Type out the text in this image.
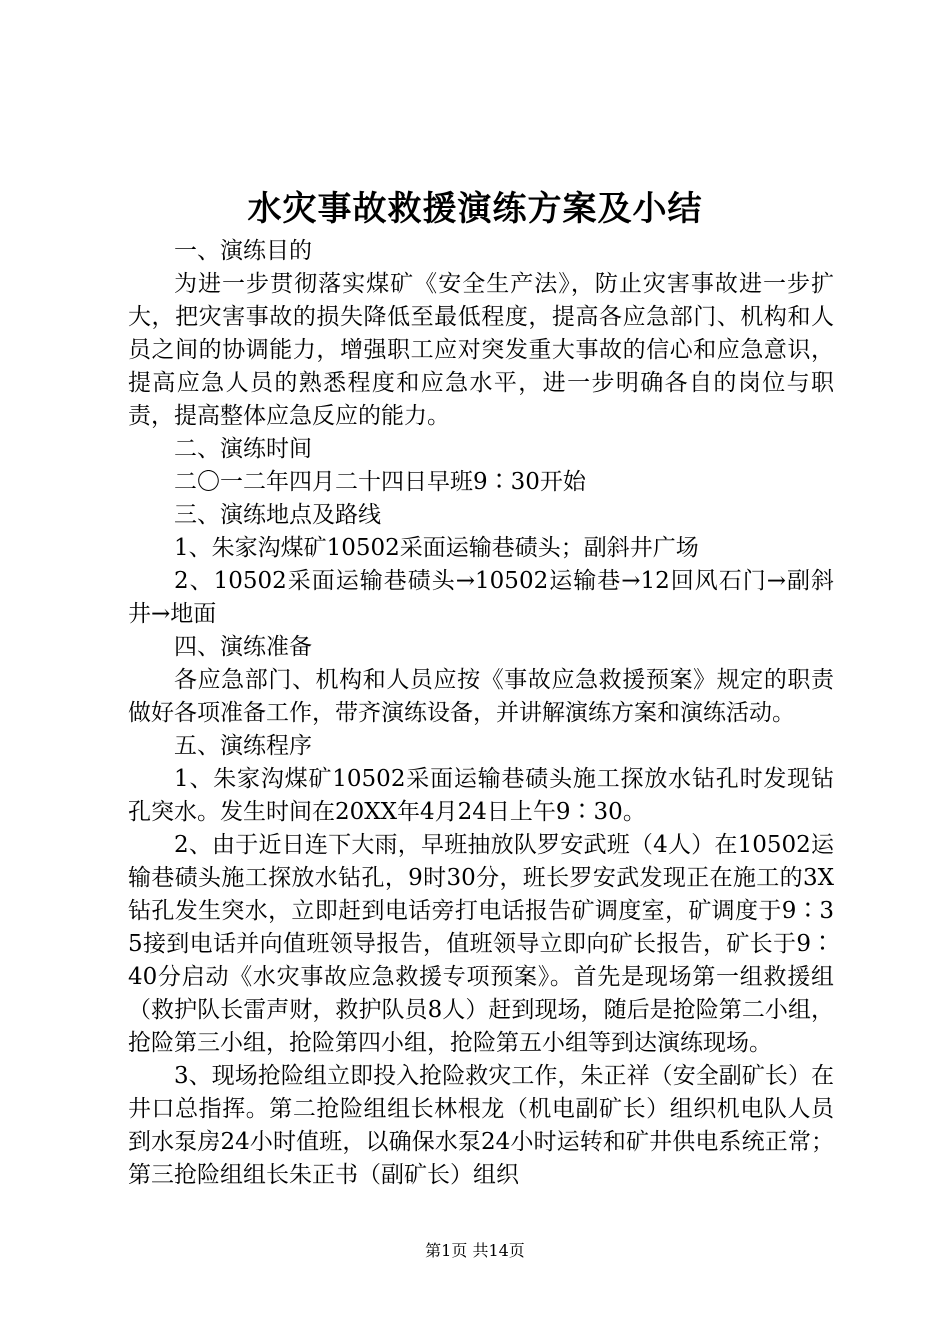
水灾事故救援演练方案及小结

一、演练目的

为进一步贯彻落实煤矿《安全生产法》，防止灾害事故进一步扩大，把灾害事故的损失降低至最低程度，提高各应急部门、机构和人员之间的协调能力，增强职工应对突发重大事故的信心和应急意识，提高应急人员的熟悉程度和应急水平，进一步明确各自的岗位与职责，提高整体应急反应的能力。

二、演练时间

二〇一二年四月二十四日早班9∶30开始

三、演练地点及路线

1、朱家沟煤矿10502采面运输巷碛头；副斜井广场

2、10502采面运输巷碛头→10502运输巷→12回风石门→副斜井→地面

四、演练准备

各应急部门、机构和人员应按《事故应急救援预案》规定的职责做好各项准备工作，带齐演练设备，并讲解演练方案和演练活动。

五、演练程序

1、朱家沟煤矿10502采面运输巷碛头施工探放水钻孔时发现钻孔突水。发生时间在20XX年4月24日上午9∶30。

2、由于近日连下大雨，早班抽放队罗安武班（4人）在10502运输巷碛头施工探放水钻孔，9时30分，班长罗安武发现正在施工的3X钻孔发生突水，立即赶到电话旁打电话报告矿调度室，矿调度于9∶35接到电话并向值班领导报告，值班领导立即向矿长报告，矿长于9∶40分启动《水灾事故应急救援专项预案》。首先是现场第一组救援组（救护队长雷声财，救护队员8人）赶到现场，随后是抢险第二小组，抢险第三小组，抢险第四小组，抢险第五小组等到达演练现场。

3、现场抢险组立即投入抢险救灾工作，朱正祥（安全副矿长）在井口总指挥。第二抢险组组长林根龙（机电副矿长）组织机电队人员到水泵房24小时值班，以确保水泵24小时运转和矿井供电系统正常；第三抢险组组长朱正书（副矿长）组织

第1页 共14页
